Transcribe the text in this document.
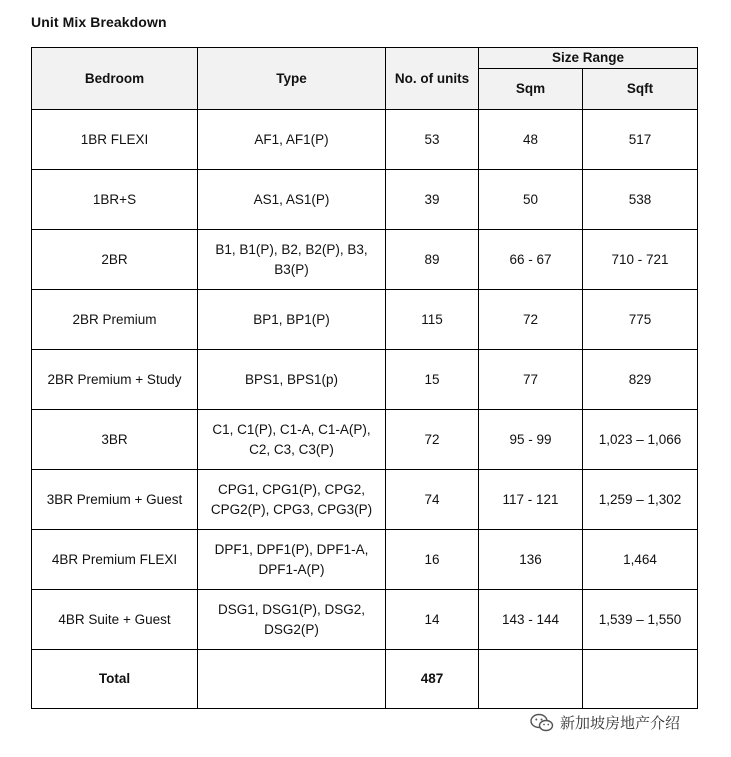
Unit Mix Breakdown
Bedroom	Type	No. of units	Size Range	
			Sqm	Sqft
1BR FLEXI	AF1, AF1(P)	53	48	517
1BR+S	AS1, AS1(P)	39	50	538
2BR	B1, B1(P), B2, B2(P), B3, B3(P)	89	66 - 67	710 - 721
2BR Premium	BP1, BP1(P)	115	72	775
2BR Premium + Study	BPS1, BPS1(p)	15	77	829
3BR	C1, C1(P), C1-A, C1-A(P), C2, C3, C3(P)	72	95 - 99	1,023 – 1,066
3BR Premium + Guest	CPG1, CPG1(P), CPG2, CPG2(P), CPG3, CPG3(P)	74	117 - 121	1,259 – 1,302
4BR Premium FLEXI	DPF1, DPF1(P), DPF1-A, DPF1-A(P)	16	136	1,464
4BR Suite + Guest	DSG1, DSG1(P), DSG2, DSG2(P)	14	143 - 144	1,539 – 1,550
Total		487		
新加坡房地产介绍
